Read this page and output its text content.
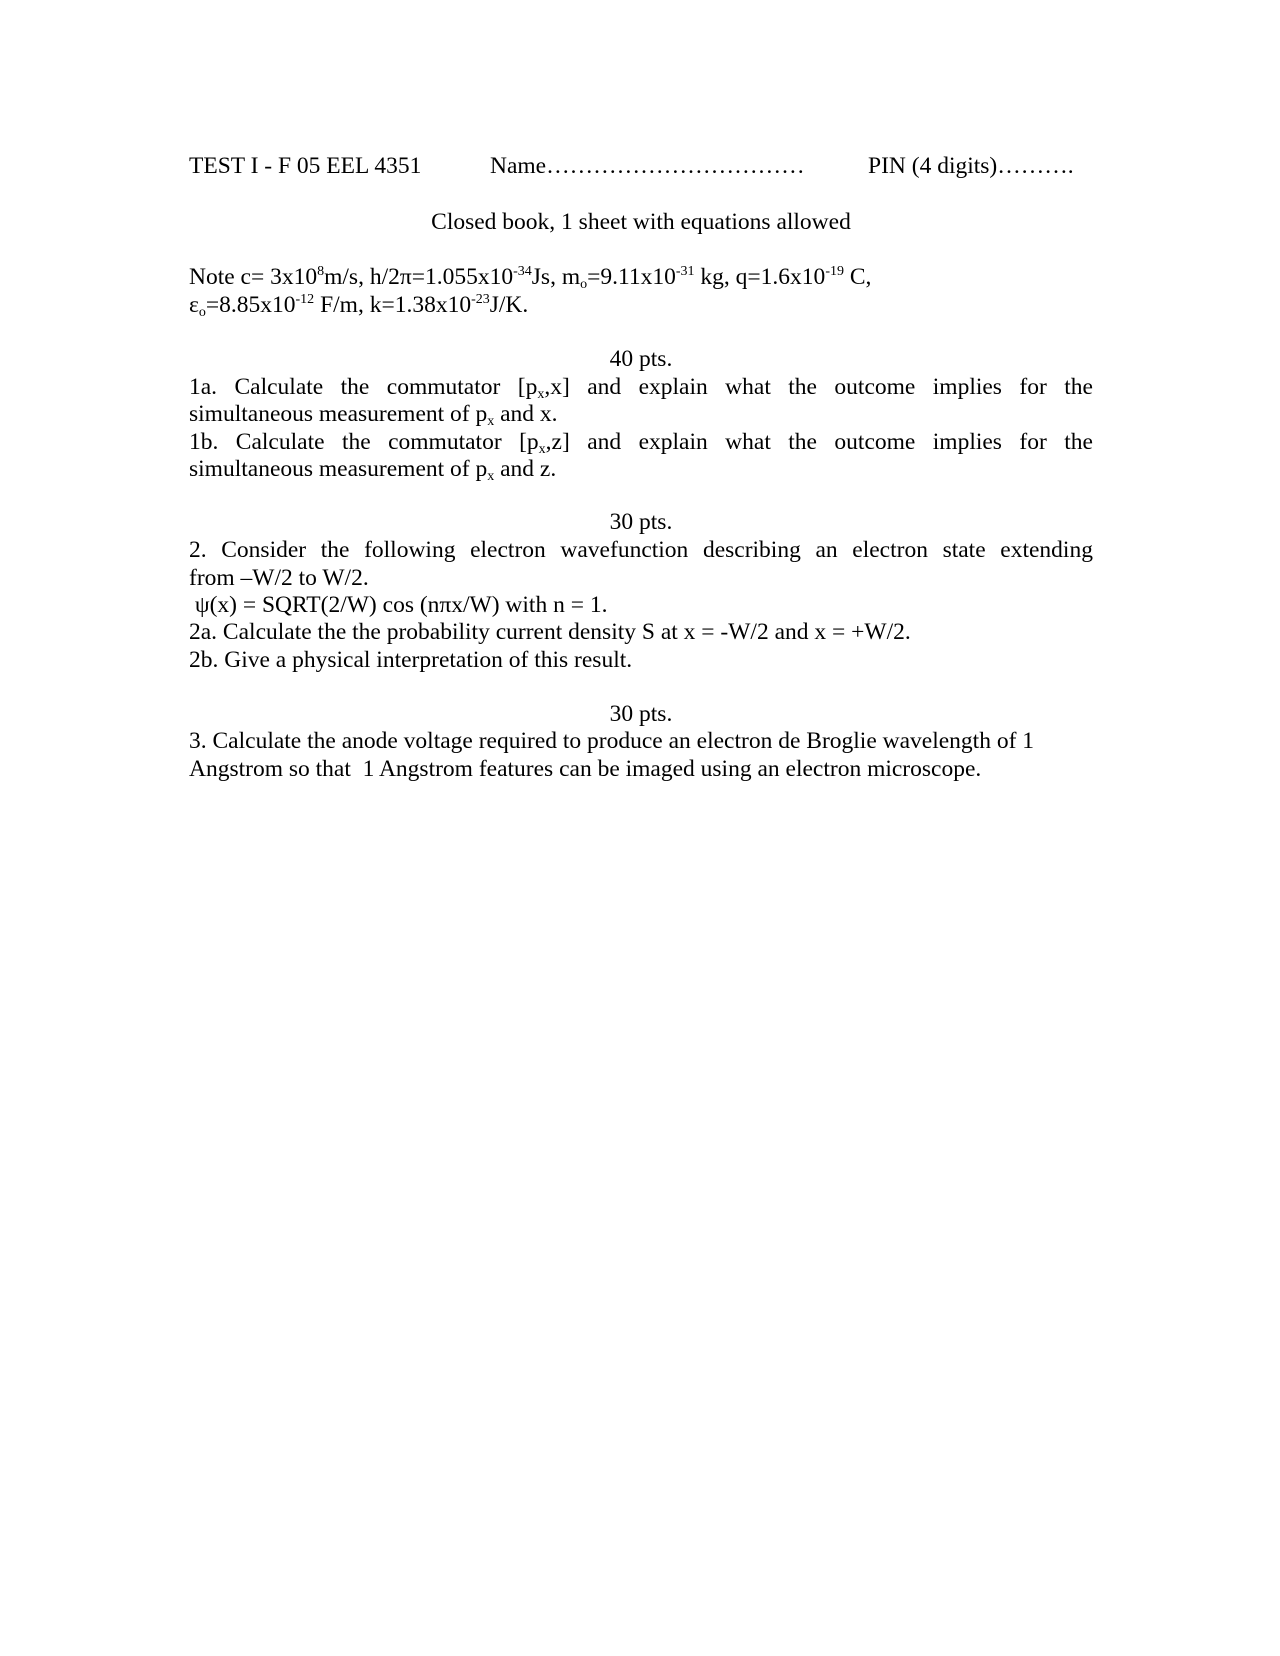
TEST I - F 05 EEL 4351	Name……………………………	PIN (4 digits)……….
Closed book, 1 sheet with equations allowed
Note $c= 3x10^8m/s$, $h/2\pi=1.055x10^{-34}Js$, $m_o=9.11x10^{-31}$ kg, $q=1.6x10^{-19}$ C,
$\varepsilon_o=8.85x10^{-12}$ F/m, $k=1.38x10^{-23}J/K$.
40 pts.
1a. Calculate the commutator $[p_x,x]$ and explain what the outcome implies for the
simultaneous measurement of $p_x$ and x.
1b. Calculate the commutator $[p_x,z]$ and explain what the outcome implies for the
simultaneous measurement of $p_x$ and z.
30 pts.
2. Consider the following electron wavefunction describing an electron state extending
from –W/2 to W/2.
ψ(x) = SQRT(2/W) cos (nπx/W) with n = 1.
2a. Calculate the the probability current density S at x = -W/2 and x = +W/2.
2b. Give a physical interpretation of this result.
30 pts.
3. Calculate the anode voltage required to produce an electron de Broglie wavelength of 1
Angstrom so that  1 Angstrom features can be imaged using an electron microscope.
